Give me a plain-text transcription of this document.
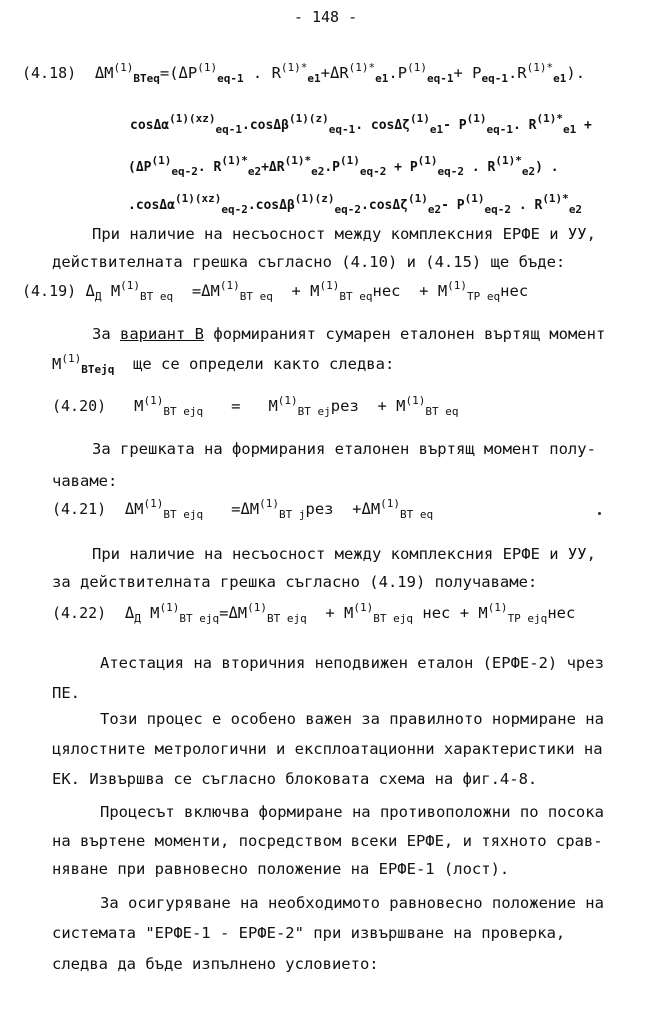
- 148 -
(4.18)  $\Delta M^{(1)}_{BTeq}=(\Delta P^{(1)}_{eq-1}$ . $R^{(1)*}_{e1}+\Delta R^{(1)*}_{e1}.P^{(1)}_{eq-1}+ P_{eq-1}.R^{(1)*}_{e1}$).
cosΔα$^{(1)(xz)}_{eq-1}$.cosΔβ$^{(1)(z)}_{eq-1}$. cosΔζ$^{(1)}_{e1}$- $P^{(1)}_{eq-1}$. $R^{(1)*}_{e1}$ +
($\Delta P^{(1)}_{eq-2}$. $R^{(1)*}_{e2}+\Delta R^{(1)*}_{e2}.P^{(1)}_{eq-2} + P^{(1)}_{eq-2}$ . $R^{(1)*}_{e2}$) .
.cosΔα$^{(1)(xz)}_{eq-2}$.cosΔβ$^{(1)(z)}_{eq-2}$.cosΔζ$^{(1)}_{e2}$- $P^{(1)}_{eq-2}$ . $R^{(1)*}_{e2}$
При наличие на несъосност между комплексния ЕРФЕ и УУ,
действителната грешка съгласно (4.10) и (4.15) ще бъде:
(4.19) $\Delta_Д$ $M^{(1)}_{BT eq} =\Delta M^{(1)}_{BT eq} + M^{(1)}_{BT eq}нес + M^{(1)}_{TP eq}нес$
За вариант В формираният сумарен еталонен въртящ момент
$M^{(1)}_{BTejq}$  ще се определи както следва:
(4.20)   $M^{(1)}_{BT ejq} = M^{(1)}_{BT ej}рез + M^{(1)}_{BT eq}$
За грешката на формирания еталонен въртящ момент полу-
чаваме:
(4.21)  $\Delta M^{(1)}_{BT ejq} =\Delta M^{(1)}_{BT j}рез +\Delta M^{(1)}_{BT eq}$
При наличие на несъосност между комплексния ЕРФЕ и УУ,
за действителната грешка съгласно (4.19) получаваме:
(4.22)  $\Delta_Д$ $M^{(1)}_{BT ejq}=\Delta M^{(1)}_{BT ejq} + M^{(1)}_{BT ejq}$ нес + $M^{(1)}_{TP ejq}нес$
Атестация на вторичния неподвижен еталон (ЕРФЕ-2) чрез
ПЕ.
Този процес е особено важен за правилното нормиране на
цялостните метрологични и експлоатационни характеристики на
ЕК. Извършва се съгласно блоковата схема на фиг.4-8.
Процесът включва формиране на противоположни по посока
на въртене моменти, посредством всеки ЕРФЕ, и тяхното срав-
няване при равновесно положение на ЕРФЕ-1 (лост).
За осигуряване на необходимото равновесно положение на
системата "ЕРФЕ-1 - ЕРФЕ-2" при извършване на проверка,
следва да бъде изпълнено условието:
